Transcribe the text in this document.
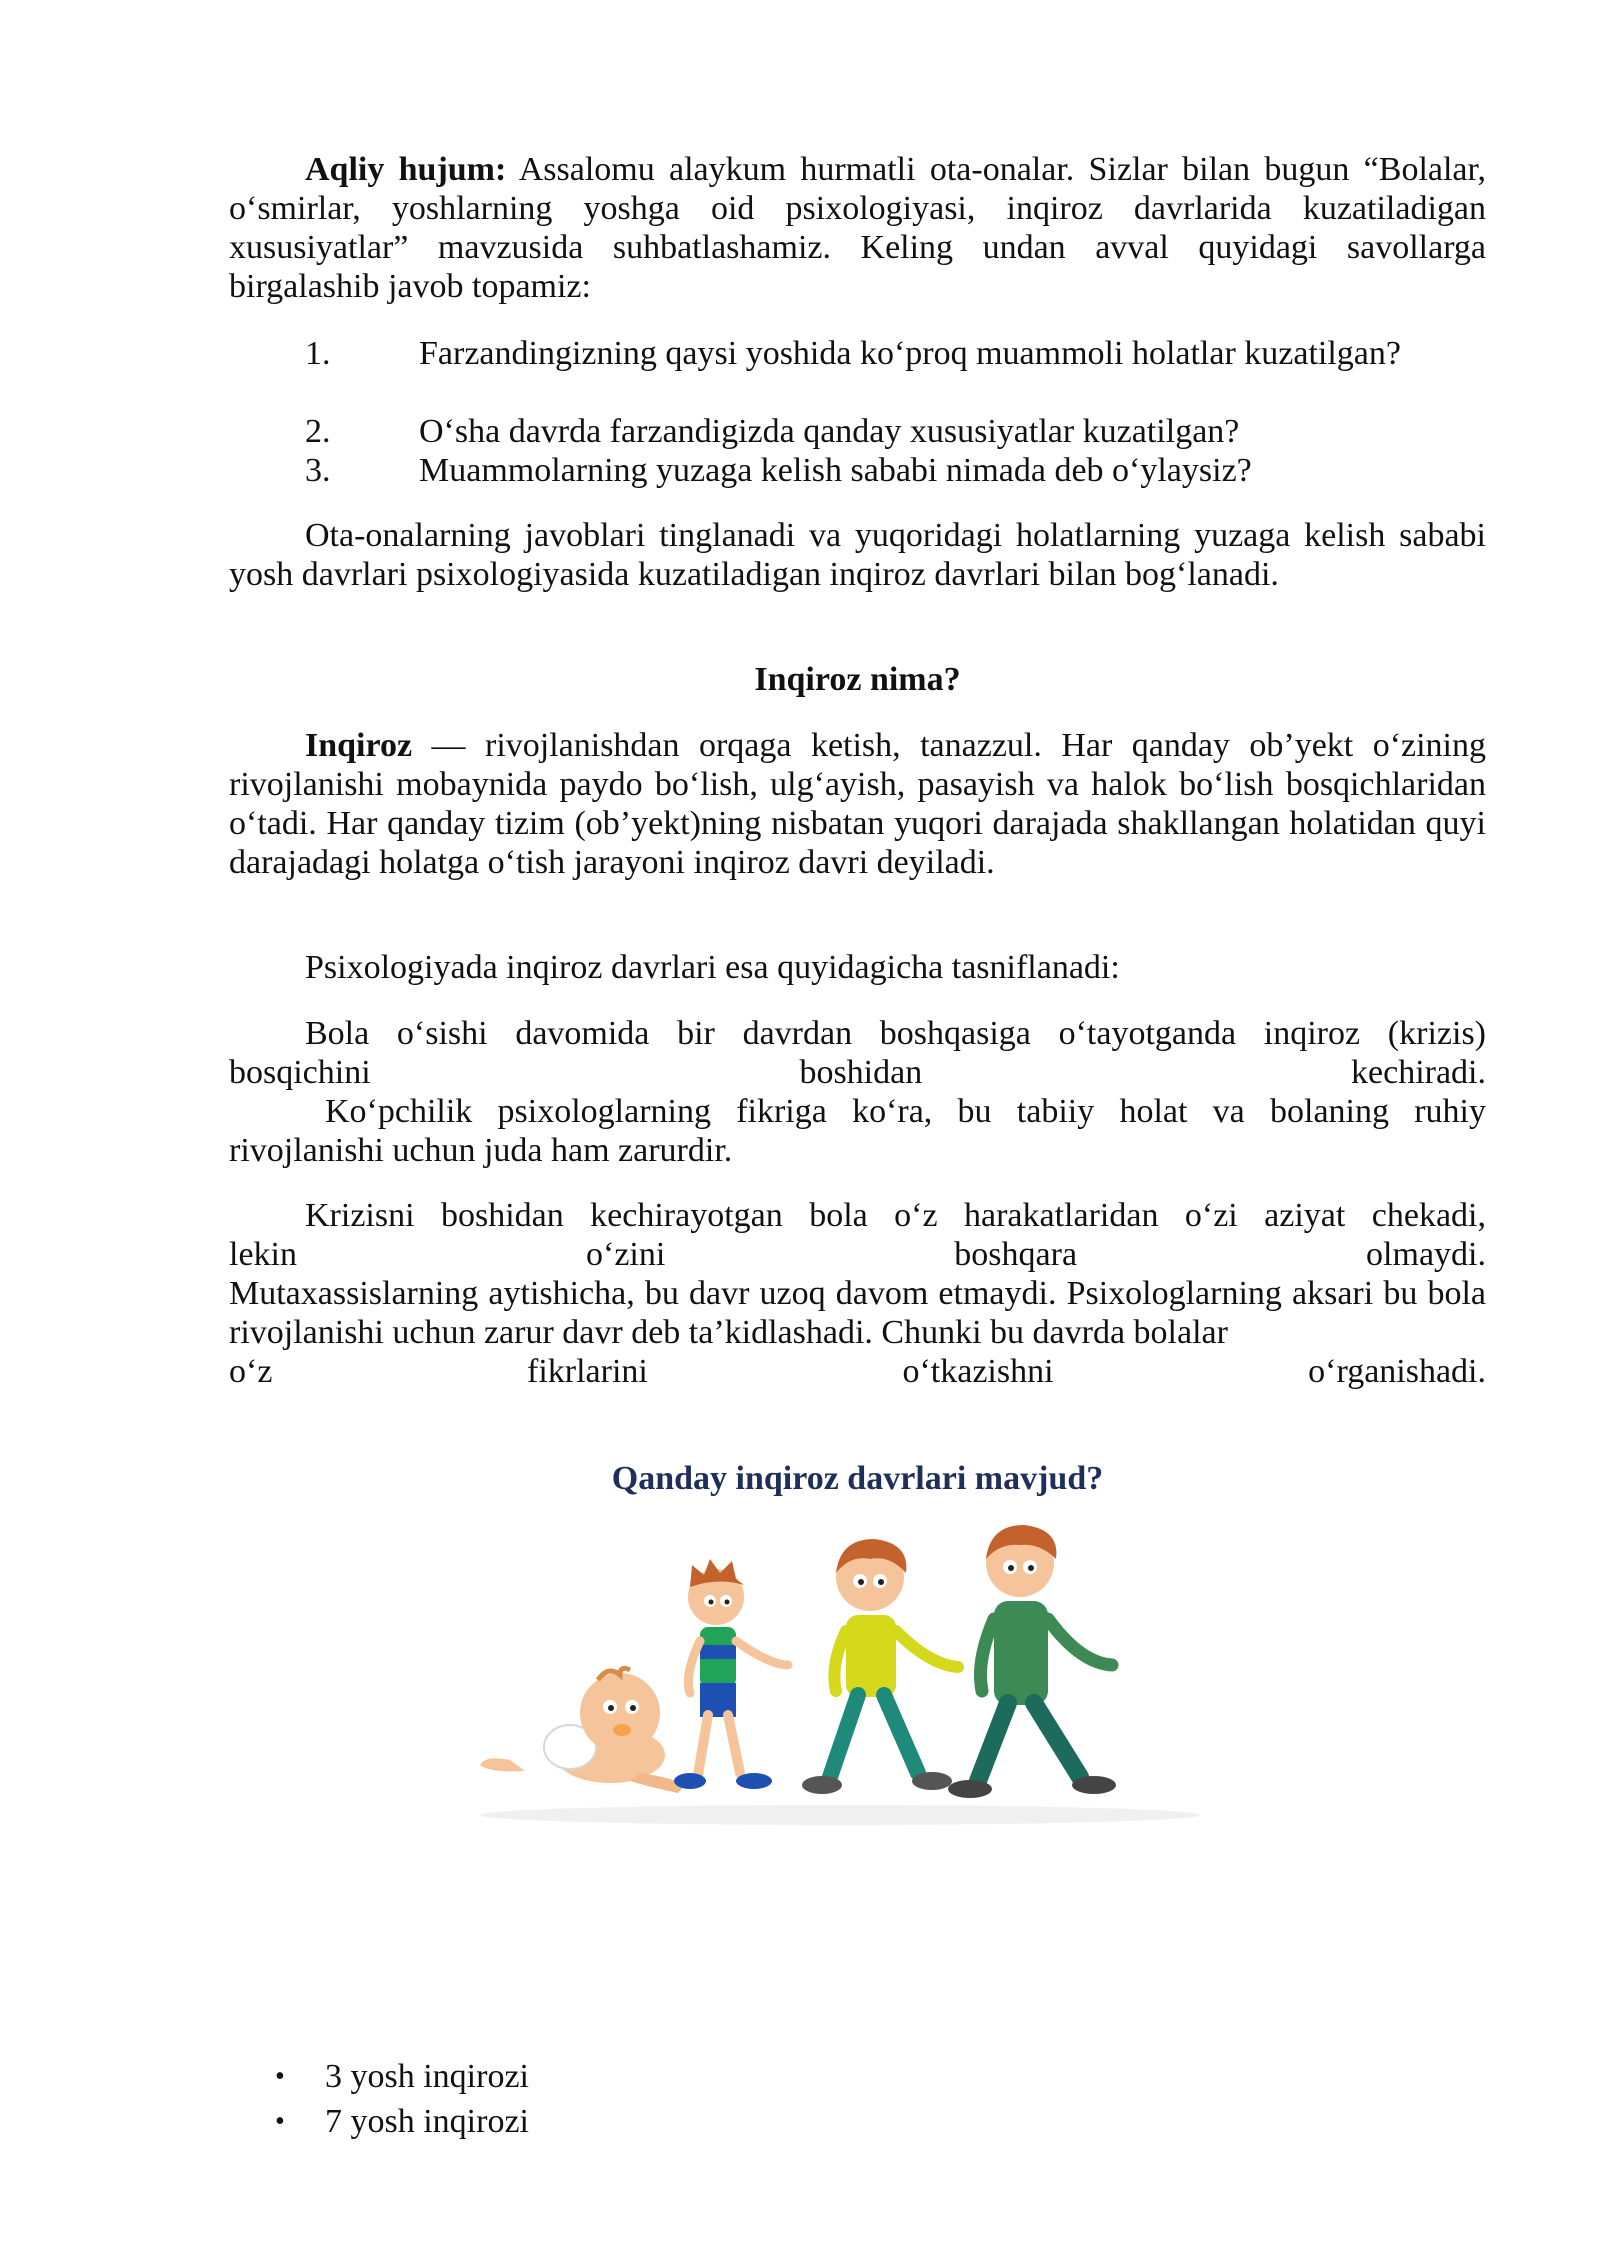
Aqliy hujum: Assalomu alaykum hurmatli ota-onalar. Sizlar bilan bugun “Bolalar, o‘smirlar, yoshlarning yoshga oid psixologiyasi, inqiroz davrlarida kuzatiladigan xususiyatlar” mavzusida suhbatlashamiz. Keling undan avval quyidagi savollarga birgalashib javob topamiz:

1.	Farzandingizning qaysi yoshida ko‘proq muammoli holatlar kuzatilgan?
2.	O‘sha davrda farzandigizda qanday xususiyatlar kuzatilgan?
3.	Muammolarning yuzaga kelish sababi nimada deb o‘ylaysiz?

Ota-onalarning javoblari tinglanadi va yuqoridagi holatlarning yuzaga kelish sababi yosh davrlari psixologiyasida kuzatiladigan inqiroz davrlari bilan bog‘lanadi.

Inqiroz nima?

Inqiroz — rivojlanishdan orqaga ketish, tanazzul. Har qanday ob’yekt o‘zining rivojlanishi mobaynida paydo bo‘lish, ulg‘ayish, pasayish va halok bo‘lish bosqichlaridan o‘tadi. Har qanday tizim (ob’yekt)ning nisbatan yuqori darajada shakllangan holatidan quyi darajadagi holatga o‘tish jarayoni inqiroz davri deyiladi.

Psixologiyada inqiroz davrlari esa quyidagicha tasniflanadi:

Bola o‘sishi davomida bir davrdan boshqasiga o‘tayotganda inqiroz (krizis)

bosqichini boshidan kechiradi.

Ko‘pchilik psixologlarning fikriga ko‘ra, bu tabiiy holat va bolaning ruhiy rivojlanishi uchun juda ham zarurdir.

Krizisni boshidan kechirayotgan bola o‘z harakatlaridan o‘zi aziyat chekadi,

lekin o‘zini boshqara olmaydi.

Mutaxassislarning aytishicha, bu davr uzoq davom etmaydi. Psixologlarning aksari bu bola rivojlanishi uchun zarur davr deb ta’kidlashadi. Chunki bu davrda bolalar

o‘z fikrlarini o‘tkazishni o‘rganishadi.

Qanday inqiroz davrlari mavjud?

• 3 yosh inqirozi
• 7 yosh inqirozi
